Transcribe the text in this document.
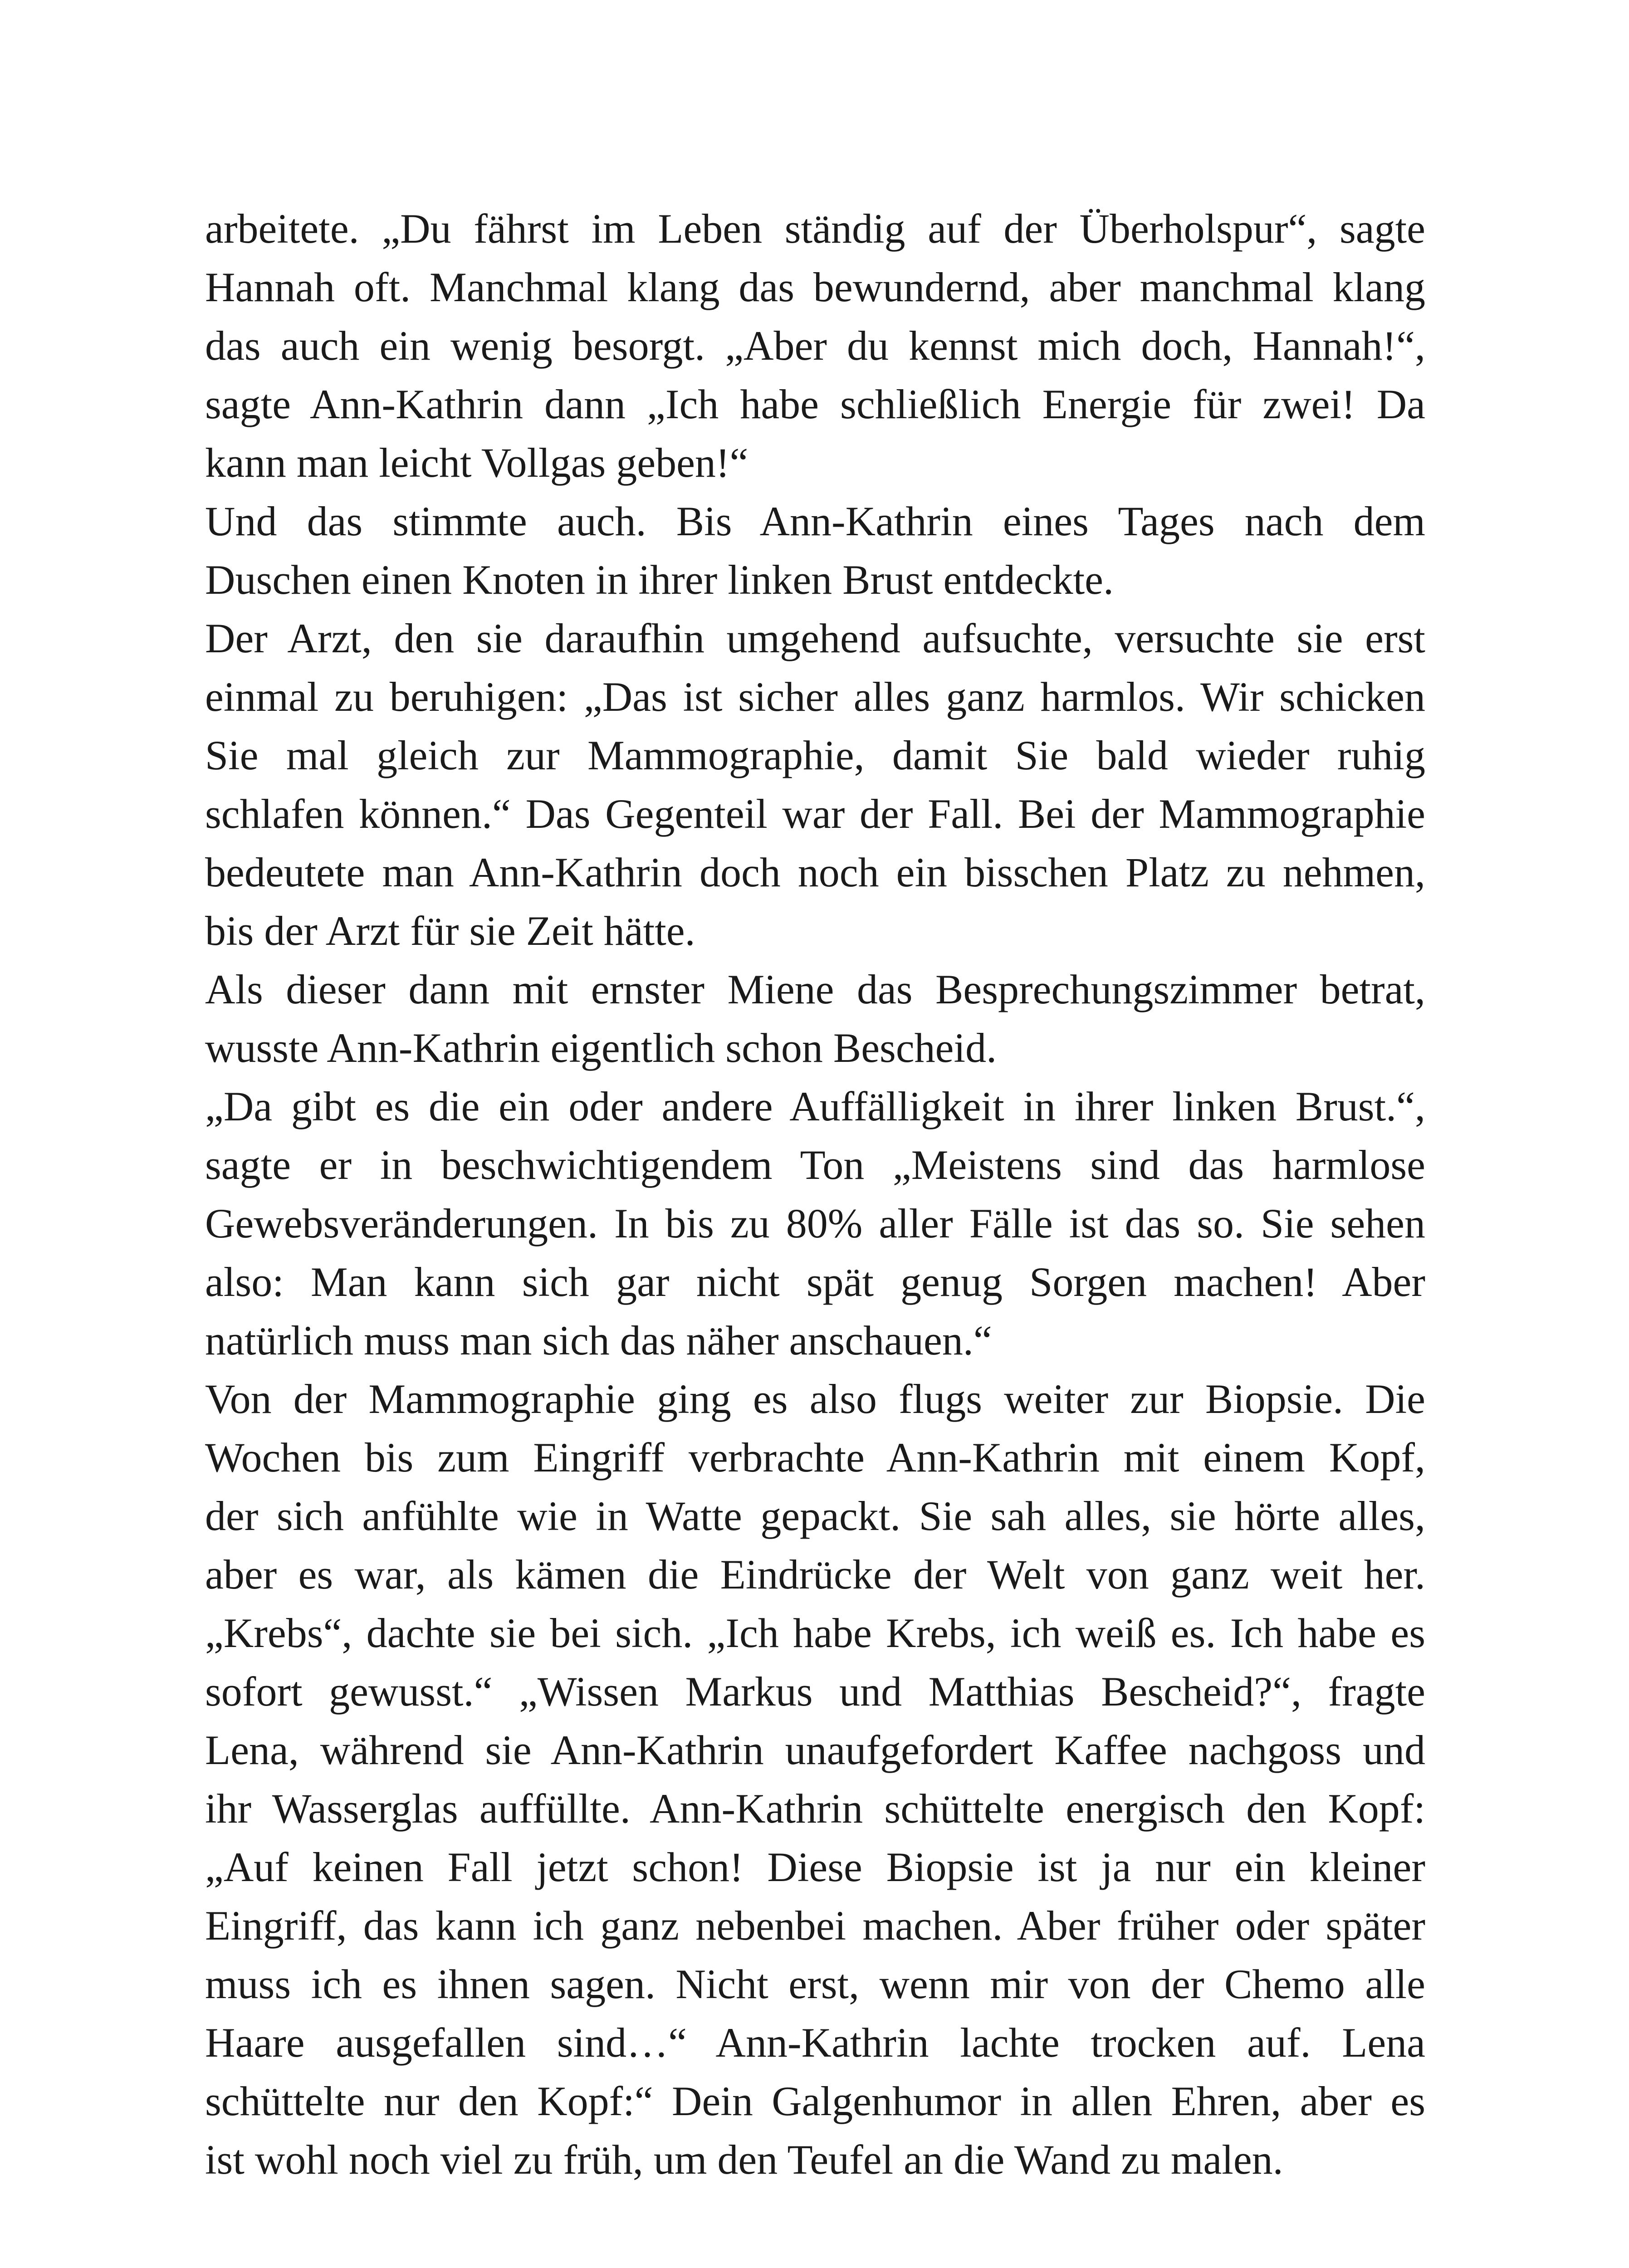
arbeitete. „Du fährst im Leben ständig auf der Überholspur“, sagte
Hannah oft. Manchmal klang das bewundernd, aber manchmal klang
das auch ein wenig besorgt. „Aber du kennst mich doch, Hannah!“,
sagte Ann-Kathrin dann „Ich habe schließlich Energie für zwei! Da
kann man leicht Vollgas geben!“
Und das stimmte auch. Bis Ann-Kathrin eines Tages nach dem
Duschen einen Knoten in ihrer linken Brust entdeckte.
Der Arzt, den sie daraufhin umgehend aufsuchte, versuchte sie erst
einmal zu beruhigen: „Das ist sicher alles ganz harmlos. Wir schicken
Sie mal gleich zur Mammographie, damit Sie bald wieder ruhig
schlafen können.“ Das Gegenteil war der Fall. Bei der Mammographie
bedeutete man Ann-Kathrin doch noch ein bisschen Platz zu nehmen,
bis der Arzt für sie Zeit hätte.
Als dieser dann mit ernster Miene das Besprechungszimmer betrat,
wusste Ann-Kathrin eigentlich schon Bescheid.
„Da gibt es die ein oder andere Auffälligkeit in ihrer linken Brust.“,
sagte er in beschwichtigendem Ton „Meistens sind das harmlose
Gewebsveränderungen. In bis zu 80% aller Fälle ist das so. Sie sehen
also: Man kann sich gar nicht spät genug Sorgen machen! Aber
natürlich muss man sich das näher anschauen.“
Von der Mammographie ging es also flugs weiter zur Biopsie. Die
Wochen bis zum Eingriff verbrachte Ann-Kathrin mit einem Kopf,
der sich anfühlte wie in Watte gepackt. Sie sah alles, sie hörte alles,
aber es war, als kämen die Eindrücke der Welt von ganz weit her.
„Krebs“, dachte sie bei sich. „Ich habe Krebs, ich weiß es. Ich habe es
sofort gewusst.“ „Wissen Markus und Matthias Bescheid?“, fragte
Lena, während sie Ann-Kathrin unaufgefordert Kaffee nachgoss und
ihr Wasserglas auffüllte. Ann-Kathrin schüttelte energisch den Kopf:
„Auf keinen Fall jetzt schon! Diese Biopsie ist ja nur ein kleiner
Eingriff, das kann ich ganz nebenbei machen. Aber früher oder später
muss ich es ihnen sagen. Nicht erst, wenn mir von der Chemo alle
Haare ausgefallen sind…“ Ann-Kathrin lachte trocken auf. Lena
schüttelte nur den Kopf:“ Dein Galgenhumor in allen Ehren, aber es
ist wohl noch viel zu früh, um den Teufel an die Wand zu malen.
